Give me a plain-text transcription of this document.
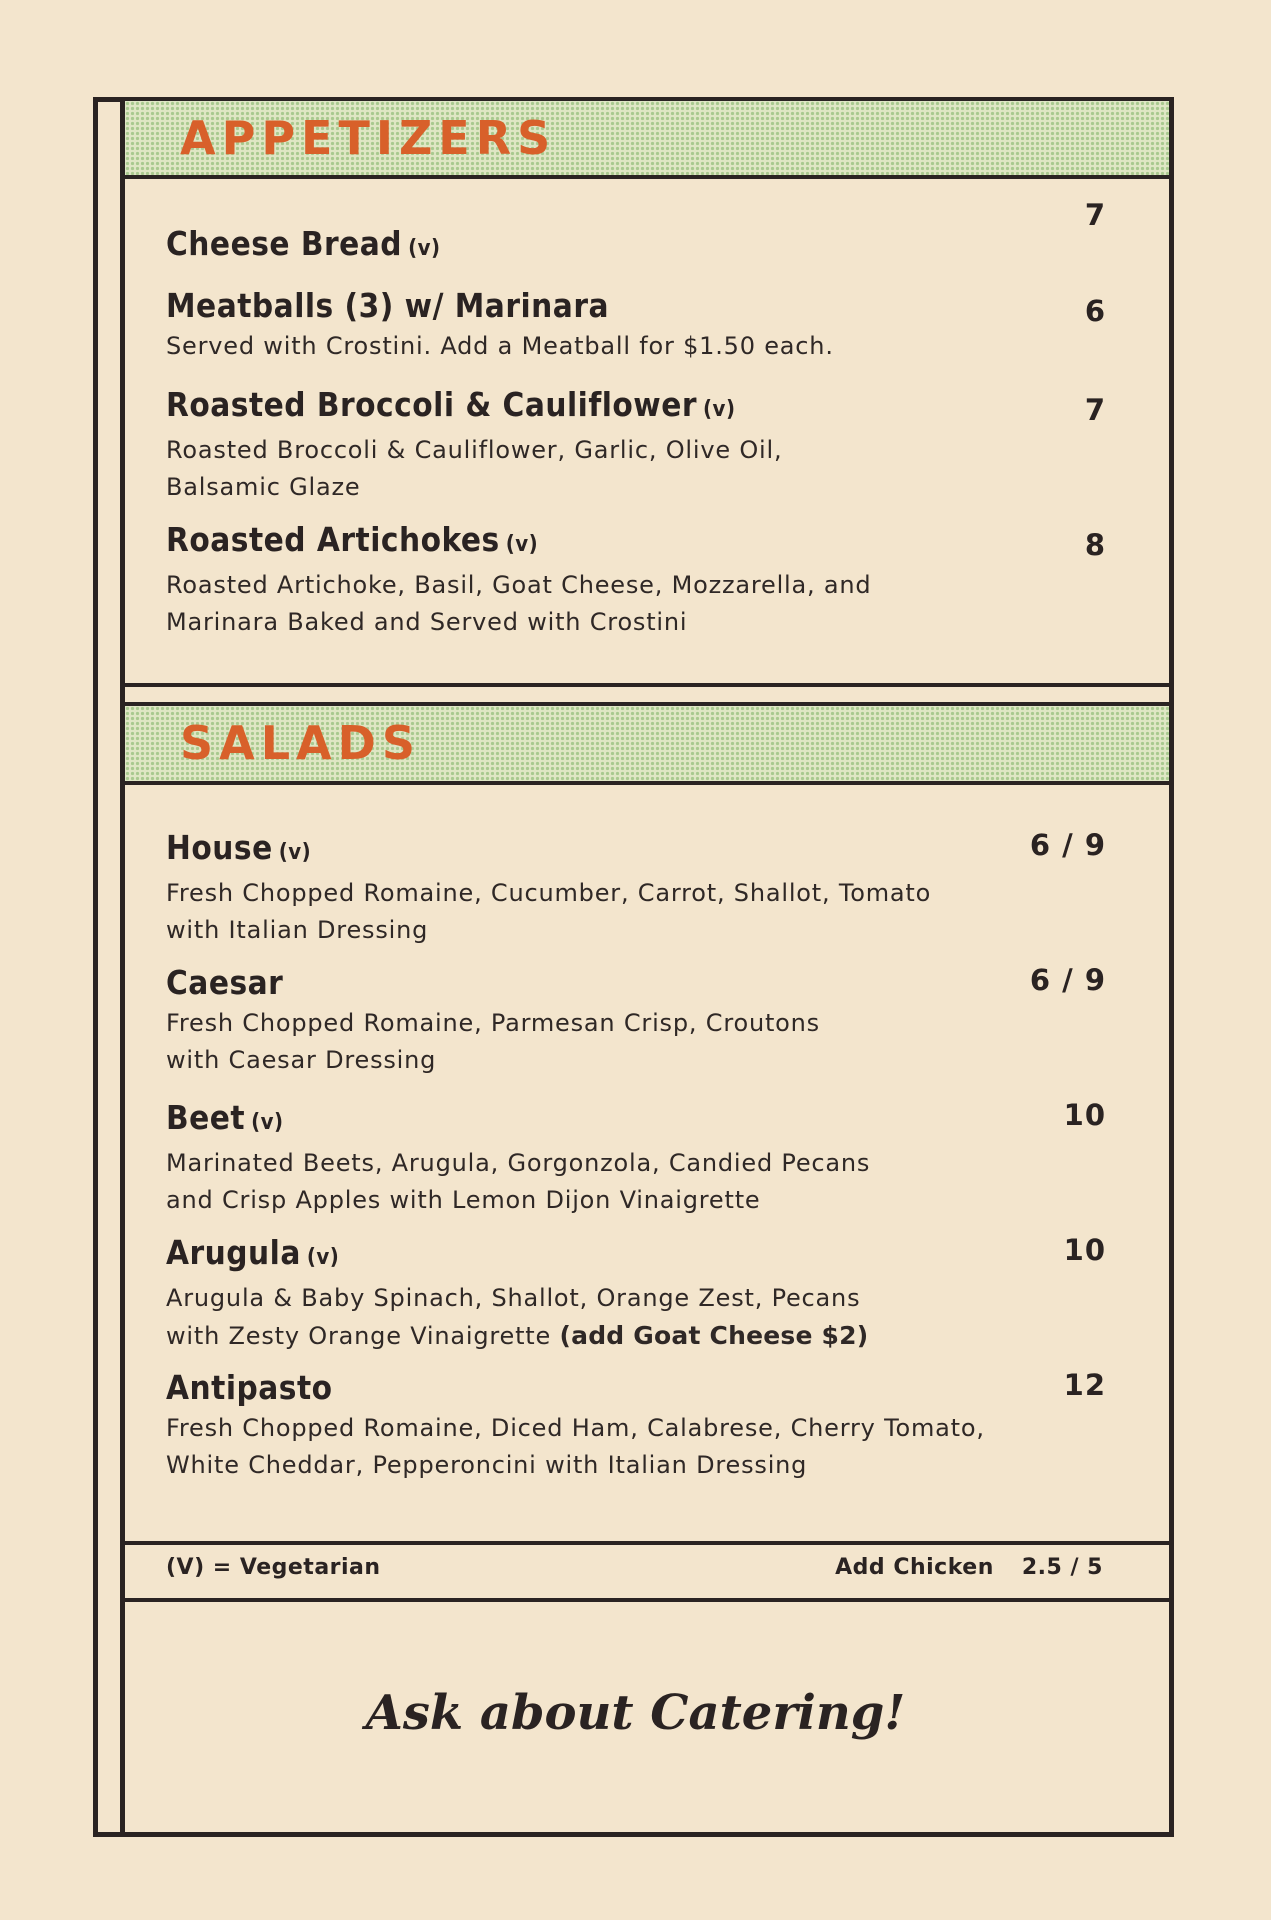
APPETIZERS
Cheese Bread (v)
7
Meatballs (3) w/ Marinara
Served with Crostini. Add a Meatball for $1.50 each.
6
Roasted Broccoli & Cauliflower (v)
Roasted Broccoli & Cauliflower, Garlic, Olive Oil,
Balsamic Glaze
7
Roasted Artichokes (v)
Roasted Artichoke, Basil, Goat Cheese, Mozzarella, and
Marinara Baked and Served with Crostini
8
SALADS
House (v)
Fresh Chopped Romaine, Cucumber, Carrot, Shallot, Tomato
with Italian Dressing
6 / 9
Caesar
Fresh Chopped Romaine, Parmesan Crisp, Croutons
with Caesar Dressing
6 / 9
Beet (v)
Marinated Beets, Arugula, Gorgonzola, Candied Pecans
and Crisp Apples with Lemon Dijon Vinaigrette
10
Arugula (v)
Arugula & Baby Spinach, Shallot, Orange Zest, Pecans
with Zesty Orange Vinaigrette (add Goat Cheese $2)
10
Antipasto
Fresh Chopped Romaine, Diced Ham, Calabrese, Cherry Tomato,
White Cheddar, Pepperoncini with Italian Dressing
12
(V) = Vegetarian	Add Chicken 2.5 / 5
Ask about Catering!
